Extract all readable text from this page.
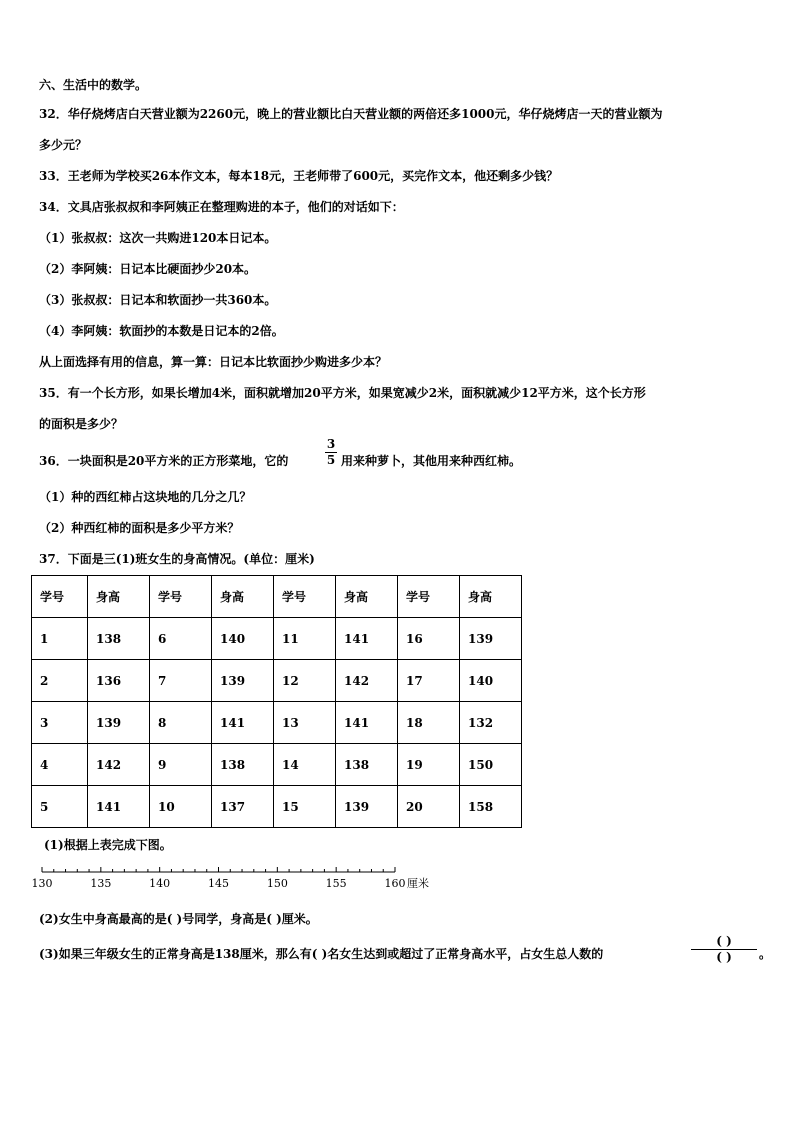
六、生活中的数学。
32．华仔烧烤店白天营业额为2260元，晚上的营业额比白天营业额的两倍还多1000元，华仔烧烤店一天的营业额为
多少元？
33．王老师为学校买26本作文本，每本18元，王老师带了600元，买完作文本，他还剩多少钱？
34．文具店张叔叔和李阿姨正在整理购进的本子，他们的对话如下：
（1）张叔叔：这次一共购进120本日记本。
（2）李阿姨：日记本比硬面抄少20本。
（3）张叔叔：日记本和软面抄一共360本。
（4）李阿姨：软面抄的本数是日记本的2倍。
从上面选择有用的信息，算一算：日记本比软面抄少购进多少本？
35．有一个长方形，如果长增加4米，面积就增加20平方米，如果宽减少2米，面积就减少12平方米，这个长方形
的面积是多少？
36．一块面积是20平方米的正方形菜地，它的
3
5 用来种萝卜，其他用来种西红柿。
（1）种的西红柿占这块地的几分之几？
（2）种西红柿的面积是多少平方米？
37．下面是三(1)班女生的身高情况。(单位：厘米)
学号	身高	学号	身高	学号	身高	学号	身高
1	138	6	140	11	141	16	139
2	136	7	139	12	142	17	140
3	139	8	141	13	141	18	132
4	142	9	138	14	138	19	150
5	141	10	137	15	139	20	158
(1)根据上表完成下图。
130	135	140	145	150	155	160 厘米
(2)女生中身高最高的是( )号同学，身高是( )厘米。
(3)如果三年级女生的正常身高是138厘米，那么有( )名女生达到或超过了正常身高水平，占女生总人数的
( )
( )	。
